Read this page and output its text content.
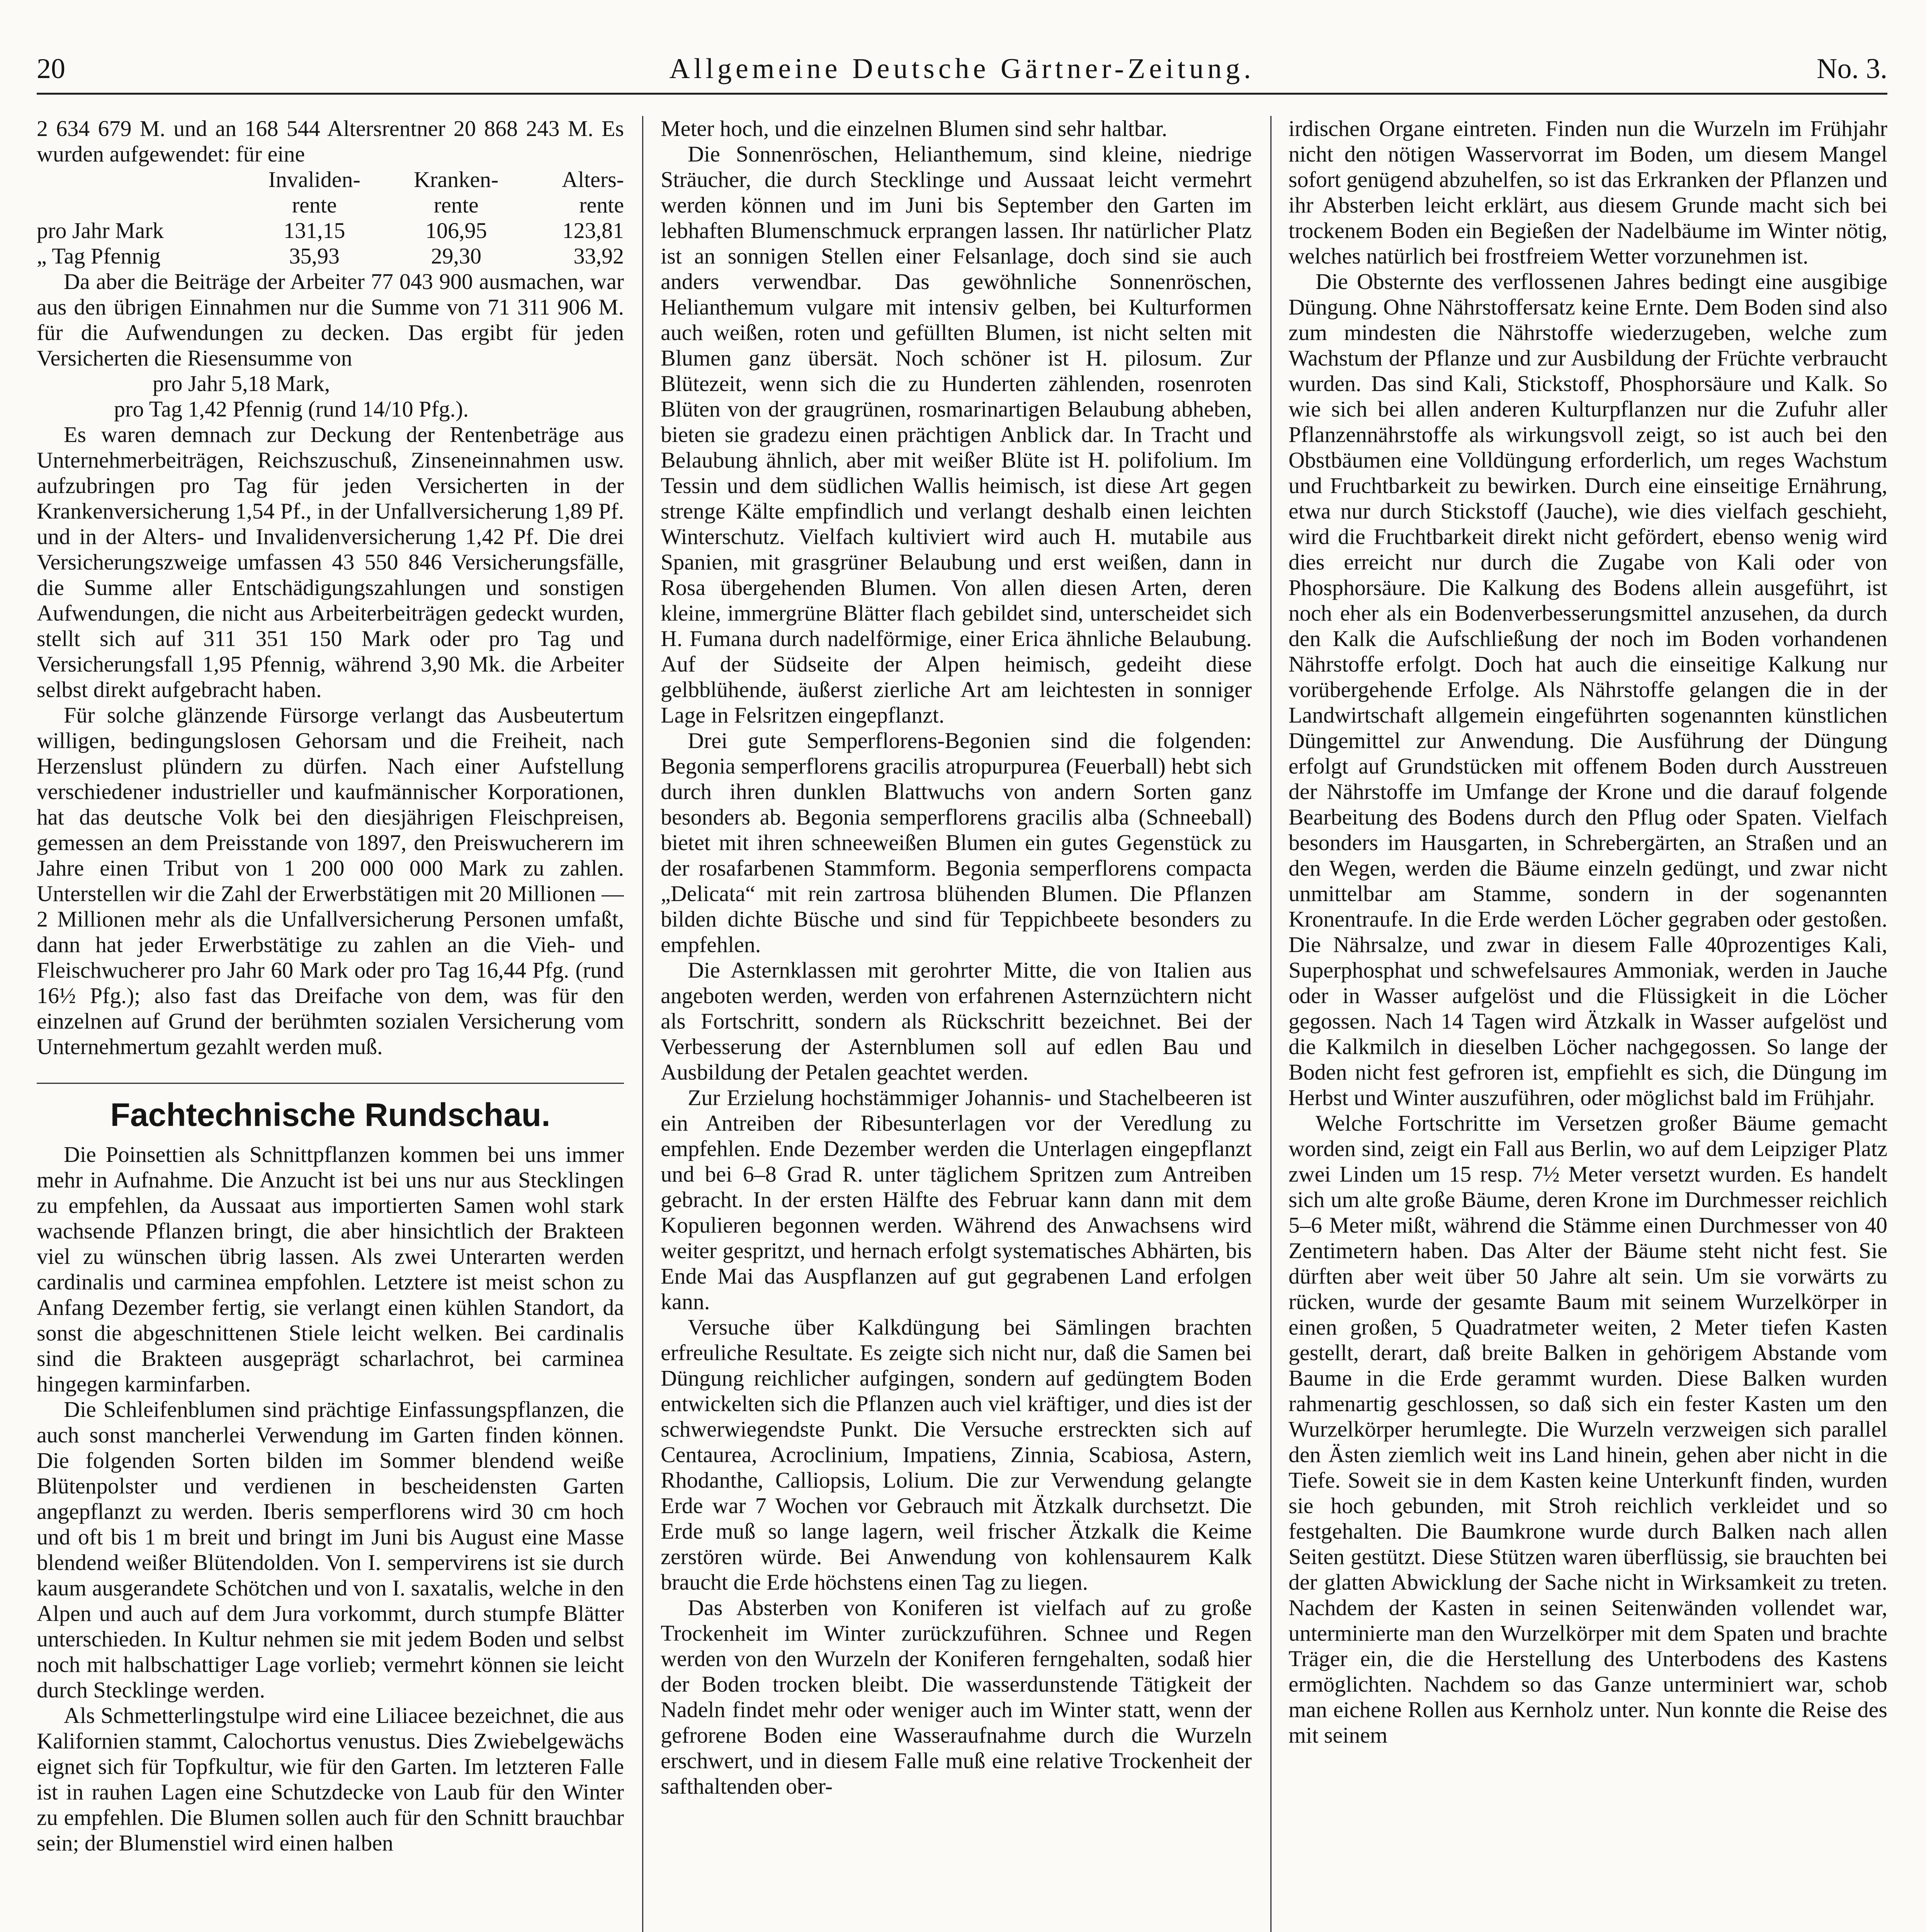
20	Allgemeine Deutsche Gärtner-Zeitung.	No. 3.

2 634 679 M. und an 168 544 Altersrentner 20 868 243 M. Es wurden aufgewendet: für eine

	Invaliden-	Kranken-	Alters-
	rente	rente	rente
pro Jahr Mark	131,15	106,95	123,81
„ Tag Pfennig	35,93	29,30	33,92

Da aber die Beiträge der Arbeiter 77 043 900 ausmachen, war aus den übrigen Einnahmen nur die Summe von 71 311 906 M. für die Aufwendungen zu decken. Das ergibt für jeden Versicherten die Riesensumme von

pro Jahr 5,18 Mark,

pro Tag 1,42 Pfennig (rund 14/10 Pfg.).

Es waren demnach zur Deckung der Rentenbeträge aus Unternehmerbeiträgen, Reichszuschuß, Zinseneinnahmen usw. aufzubringen pro Tag für jeden Versicherten in der Krankenversicherung 1,54 Pf., in der Unfallversicherung 1,89 Pf. und in der Alters- und Invalidenversicherung 1,42 Pf. Die drei Versicherungszweige umfassen 43 550 846 Versicherungsfälle, die Summe aller Entschädigungszahlungen und sonstigen Aufwendungen, die nicht aus Arbeiterbeiträgen gedeckt wurden, stellt sich auf 311 351 150 Mark oder pro Tag und Versicherungsfall 1,95 Pfennig, während 3,90 Mk. die Arbeiter selbst direkt aufgebracht haben.

Für solche glänzende Fürsorge verlangt das Ausbeutertum willigen, bedingungslosen Gehorsam und die Freiheit, nach Herzenslust plündern zu dürfen. Nach einer Aufstellung verschiedener industrieller und kaufmännischer Korporationen, hat das deutsche Volk bei den diesjährigen Fleischpreisen, gemessen an dem Preisstande von 1897, den Preiswucherern im Jahre einen Tribut von 1 200 000 000 Mark zu zahlen. Unterstellen wir die Zahl der Erwerbstätigen mit 20 Millionen — 2 Millionen mehr als die Unfallversicherung Personen umfaßt, dann hat jeder Erwerbstätige zu zahlen an die Vieh- und Fleischwucherer pro Jahr 60 Mark oder pro Tag 16,44 Pfg. (rund 16½ Pfg.); also fast das Dreifache von dem, was für den einzelnen auf Grund der berühmten sozialen Versicherung vom Unternehmertum gezahlt werden muß.

Fachtechnische Rundschau.

Die Poinsettien als Schnittpflanzen kommen bei uns immer mehr in Aufnahme. Die Anzucht ist bei uns nur aus Stecklingen zu empfehlen, da Aussaat aus importierten Samen wohl stark wachsende Pflanzen bringt, die aber hinsichtlich der Brakteen viel zu wünschen übrig lassen. Als zwei Unterarten werden cardinalis und carminea empfohlen. Letztere ist meist schon zu Anfang Dezember fertig, sie verlangt einen kühlen Standort, da sonst die abgeschnittenen Stiele leicht welken. Bei cardinalis sind die Brakteen ausgeprägt scharlachrot, bei carminea hingegen karminfarben.

Die Schleifenblumen sind prächtige Einfassungspflanzen, die auch sonst mancherlei Verwendung im Garten finden können. Die folgenden Sorten bilden im Sommer blendend weiße Blütenpolster und verdienen in bescheidensten Garten angepflanzt zu werden. Iberis semperflorens wird 30 cm hoch und oft bis 1 m breit und bringt im Juni bis August eine Masse blendend weißer Blütendolden. Von I. sempervirens ist sie durch kaum ausgerandete Schötchen und von I. saxatalis, welche in den Alpen und auch auf dem Jura vorkommt, durch stumpfe Blätter unterschieden. In Kultur nehmen sie mit jedem Boden und selbst noch mit halbschattiger Lage vorlieb; vermehrt können sie leicht durch Stecklinge werden.

Als Schmetterlingstulpe wird eine Liliacee bezeichnet, die aus Kalifornien stammt, Calochortus venustus. Dies Zwiebelgewächs eignet sich für Topfkultur, wie für den Garten. Im letzteren Falle ist in rauhen Lagen eine Schutzdecke von Laub für den Winter zu empfehlen. Die Blumen sollen auch für den Schnitt brauchbar sein; der Blumenstiel wird einen halben

Meter hoch, und die einzelnen Blumen sind sehr haltbar.

Die Sonnenröschen, Helianthemum, sind kleine, niedrige Sträucher, die durch Stecklinge und Aussaat leicht vermehrt werden können und im Juni bis September den Garten im lebhaften Blumenschmuck erprangen lassen. Ihr natürlicher Platz ist an sonnigen Stellen einer Felsanlage, doch sind sie auch anders verwendbar. Das gewöhnliche Sonnenröschen, Helianthemum vulgare mit intensiv gelben, bei Kulturformen auch weißen, roten und gefüllten Blumen, ist nicht selten mit Blumen ganz übersät. Noch schöner ist H. pilosum. Zur Blütezeit, wenn sich die zu Hunderten zählenden, rosenroten Blüten von der graugrünen, rosmarinartigen Belaubung abheben, bieten sie gradezu einen prächtigen Anblick dar. In Tracht und Belaubung ähnlich, aber mit weißer Blüte ist H. polifolium. Im Tessin und dem südlichen Wallis heimisch, ist diese Art gegen strenge Kälte empfindlich und verlangt deshalb einen leichten Winterschutz. Vielfach kultiviert wird auch H. mutabile aus Spanien, mit grasgrüner Belaubung und erst weißen, dann in Rosa übergehenden Blumen. Von allen diesen Arten, deren kleine, immergrüne Blätter flach gebildet sind, unterscheidet sich H. Fumana durch nadelförmige, einer Erica ähnliche Belaubung. Auf der Südseite der Alpen heimisch, gedeiht diese gelbblühende, äußerst zierliche Art am leichtesten in sonniger Lage in Felsritzen eingepflanzt.

Drei gute Semperflorens-Begonien sind die folgenden: Begonia semperflorens gracilis atropurpurea (Feuerball) hebt sich durch ihren dunklen Blattwuchs von andern Sorten ganz besonders ab. Begonia semperflorens gracilis alba (Schneeball) bietet mit ihren schneeweißen Blumen ein gutes Gegenstück zu der rosafarbenen Stammform. Begonia semperflorens compacta „Delicata“ mit rein zartrosa blühenden Blumen. Die Pflanzen bilden dichte Büsche und sind für Teppichbeete besonders zu empfehlen.

Die Asternklassen mit gerohrter Mitte, die von Italien aus angeboten werden, werden von erfahrenen Asternzüchtern nicht als Fortschritt, sondern als Rückschritt bezeichnet. Bei der Verbesserung der Asternblumen soll auf edlen Bau und Ausbildung der Petalen geachtet werden.

Zur Erzielung hochstämmiger Johannis- und Stachelbeeren ist ein Antreiben der Ribesunterlagen vor der Veredlung zu empfehlen. Ende Dezember werden die Unterlagen eingepflanzt und bei 6–8 Grad R. unter täglichem Spritzen zum Antreiben gebracht. In der ersten Hälfte des Februar kann dann mit dem Kopulieren begonnen werden. Während des Anwachsens wird weiter gespritzt, und hernach erfolgt systematisches Abhärten, bis Ende Mai das Auspflanzen auf gut gegrabenen Land erfolgen kann.

Versuche über Kalkdüngung bei Sämlingen brachten erfreuliche Resultate. Es zeigte sich nicht nur, daß die Samen bei Düngung reichlicher aufgingen, sondern auf gedüngtem Boden entwickelten sich die Pflanzen auch viel kräftiger, und dies ist der schwerwiegendste Punkt. Die Versuche erstreckten sich auf Centaurea, Acroclinium, Impatiens, Zinnia, Scabiosa, Astern, Rhodanthe, Calliopsis, Lolium. Die zur Verwendung gelangte Erde war 7 Wochen vor Gebrauch mit Ätzkalk durchsetzt. Die Erde muß so lange lagern, weil frischer Ätzkalk die Keime zerstören würde. Bei Anwendung von kohlensaurem Kalk braucht die Erde höchstens einen Tag zu liegen.

Das Absterben von Koniferen ist vielfach auf zu große Trockenheit im Winter zurückzuführen. Schnee und Regen werden von den Wurzeln der Koniferen ferngehalten, sodaß hier der Boden trocken bleibt. Die wasserdunstende Tätigkeit der Nadeln findet mehr oder weniger auch im Winter statt, wenn der gefrorene Boden eine Wasseraufnahme durch die Wurzeln erschwert, und in diesem Falle muß eine relative Trockenheit der safthaltenden ober-

irdischen Organe eintreten. Finden nun die Wurzeln im Frühjahr nicht den nötigen Wasservorrat im Boden, um diesem Mangel sofort genügend abzuhelfen, so ist das Erkranken der Pflanzen und ihr Absterben leicht erklärt, aus diesem Grunde macht sich bei trockenem Boden ein Begießen der Nadelbäume im Winter nötig, welches natürlich bei frostfreiem Wetter vorzunehmen ist.

Die Obsternte des verflossenen Jahres bedingt eine ausgibige Düngung. Ohne Nährstoffersatz keine Ernte. Dem Boden sind also zum mindesten die Nährstoffe wiederzugeben, welche zum Wachstum der Pflanze und zur Ausbildung der Früchte verbraucht wurden. Das sind Kali, Stickstoff, Phosphorsäure und Kalk. So wie sich bei allen anderen Kulturpflanzen nur die Zufuhr aller Pflanzennährstoffe als wirkungsvoll zeigt, so ist auch bei den Obstbäumen eine Volldüngung erforderlich, um reges Wachstum und Fruchtbarkeit zu bewirken. Durch eine einseitige Ernährung, etwa nur durch Stickstoff (Jauche), wie dies vielfach geschieht, wird die Fruchtbarkeit direkt nicht gefördert, ebenso wenig wird dies erreicht nur durch die Zugabe von Kali oder von Phosphorsäure. Die Kalkung des Bodens allein ausgeführt, ist noch eher als ein Bodenverbesserungsmittel anzusehen, da durch den Kalk die Aufschließung der noch im Boden vorhandenen Nährstoffe erfolgt. Doch hat auch die einseitige Kalkung nur vorübergehende Erfolge. Als Nährstoffe gelangen die in der Landwirtschaft allgemein eingeführten sogenannten künstlichen Düngemittel zur Anwendung. Die Ausführung der Düngung erfolgt auf Grundstücken mit offenem Boden durch Ausstreuen der Nährstoffe im Umfange der Krone und die darauf folgende Bearbeitung des Bodens durch den Pflug oder Spaten. Vielfach besonders im Hausgarten, in Schrebergärten, an Straßen und an den Wegen, werden die Bäume einzeln gedüngt, und zwar nicht unmittelbar am Stamme, sondern in der sogenannten Kronentraufe. In die Erde werden Löcher gegraben oder gestoßen. Die Nährsalze, und zwar in diesem Falle 40prozentiges Kali, Superphosphat und schwefelsaures Ammoniak, werden in Jauche oder in Wasser aufgelöst und die Flüssigkeit in die Löcher gegossen. Nach 14 Tagen wird Ätzkalk in Wasser aufgelöst und die Kalkmilch in dieselben Löcher nachgegossen. So lange der Boden nicht fest gefroren ist, empfiehlt es sich, die Düngung im Herbst und Winter auszuführen, oder möglichst bald im Frühjahr.

Welche Fortschritte im Versetzen großer Bäume gemacht worden sind, zeigt ein Fall aus Berlin, wo auf dem Leipziger Platz zwei Linden um 15 resp. 7½ Meter versetzt wurden. Es handelt sich um alte große Bäume, deren Krone im Durchmesser reichlich 5–6 Meter mißt, während die Stämme einen Durchmesser von 40 Zentimetern haben. Das Alter der Bäume steht nicht fest. Sie dürften aber weit über 50 Jahre alt sein. Um sie vorwärts zu rücken, wurde der gesamte Baum mit seinem Wurzelkörper in einen großen, 5 Quadratmeter weiten, 2 Meter tiefen Kasten gestellt, derart, daß breite Balken in gehörigem Abstande vom Baume in die Erde gerammt wurden. Diese Balken wurden rahmenartig geschlossen, so daß sich ein fester Kasten um den Wurzelkörper herumlegte. Die Wurzeln verzweigen sich parallel den Ästen ziemlich weit ins Land hinein, gehen aber nicht in die Tiefe. Soweit sie in dem Kasten keine Unterkunft finden, wurden sie hoch gebunden, mit Stroh reichlich verkleidet und so festgehalten. Die Baumkrone wurde durch Balken nach allen Seiten gestützt. Diese Stützen waren überflüssig, sie brauchten bei der glatten Abwicklung der Sache nicht in Wirksamkeit zu treten. Nachdem der Kasten in seinen Seitenwänden vollendet war, unterminierte man den Wurzelkörper mit dem Spaten und brachte Träger ein, die die Herstellung des Unterbodens des Kastens ermöglichten. Nachdem so das Ganze unterminiert war, schob man eichene Rollen aus Kernholz unter. Nun konnte die Reise des mit seinem
